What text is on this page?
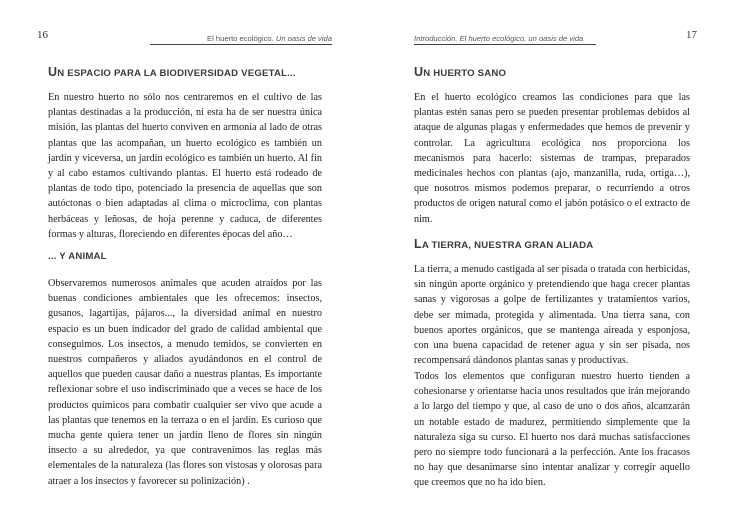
16	El huerto ecológico. Un oasis de vida
UN ESPACIO PARA LA BIODIVERSIDAD VEGETAL...

En nuestro huerto no sólo nos centraremos en el cultivo de las plantas destinadas a la producción, ni esta ha de ser nuestra única misión, las plantas del huerto conviven en armonía al lado de otras plantas que las acompañan, un huerto ecológico es también un jardín y viceversa, un jardín ecológico es también un huerto. Al fin y al cabo estamos cultivando plantas. El huerto está rodeado de plantas de todo tipo, potenciado la presencia de aquellas que son autóctonas o bien adaptadas al clima o microclima, con plantas herbáceas y leñosas, de hoja perenne y caduca, de diferentes formas y alturas, floreciendo en diferentes épocas del año…

... Y ANIMAL

Observaremos numerosos animales que acuden atraídos por las buenas condiciones ambientales que les ofrecemos: insectos, gusanos, lagartijas, pájaros..., la diversidad animal en nuestro espacio es un buen indicador del grado de calidad ambiental que conseguimos. Los insectos, a menudo temidos, se convierten en nuestros compañeros y aliados ayudándonos en el control de aquellos que pueden causar daño a nuestras plantas. Es importante reflexionar sobre el uso indiscriminado que a veces se hace de los productos químicos para combatir cualquier ser vivo que acude a las plantas que tenemos en la terraza o en el jardín. Es curioso que mucha gente quiera tener un jardín lleno de flores sin ningún insecto a su alrededor, ya que contravenimos las reglas más elementales de la naturaleza (las flores son vistosas y olorosas para atraer a los insectos y favorecer su polinización) .

17
Introducción. El huerto ecológico, un oasis de vida
UN HUERTO SANO

En el huerto ecológico creamos las condiciones para que las plantas estén sanas pero se pueden presentar problemas debidos al ataque de algunas plagas y enfermedades que hemos de prevenir y controlar. La agricultura ecológica nos proporciona los mecanismos para hacerlo: sistemas de trampas, preparados medicinales hechos con plantas (ajo, manzanilla, ruda, ortiga…), que nosotros mismos podemos preparar, o recurriendo a otros productos de origen natural como el jabón potásico o el extracto de nim.

LA TIERRA, NUESTRA GRAN ALIADA

La tierra, a menudo castigada al ser pisada o tratada con herbicidas, sin ningún aporte orgánico y pretendiendo que haga crecer plantas sanas y vigorosas a golpe de fertilizantes y tratamientos varios, debe ser mimada, protegida y alimentada. Una tierra sana, con buenos aportes orgánicos, que se mantenga aireada y esponjosa, con una buena capacidad de retener agua y sin ser pisada, nos recompensará dándonos plantas sanas y productivas.

Todos los elementos que configuran nuestro huerto tienden a cohesionarse y orientarse hacia unos resultados que irán mejorando a lo largo del tiempo y que, al caso de uno o dos años, alcanzarán un notable estado de madurez, permitiendo simplemente que la naturaleza siga su curso. El huerto nos dará muchas satisfacciones pero no siempre todo funcionará a la perfección. Ante los fracasos no hay que desanimarse sino intentar analizar y corregir aquello que creemos que no ha ido bien.
